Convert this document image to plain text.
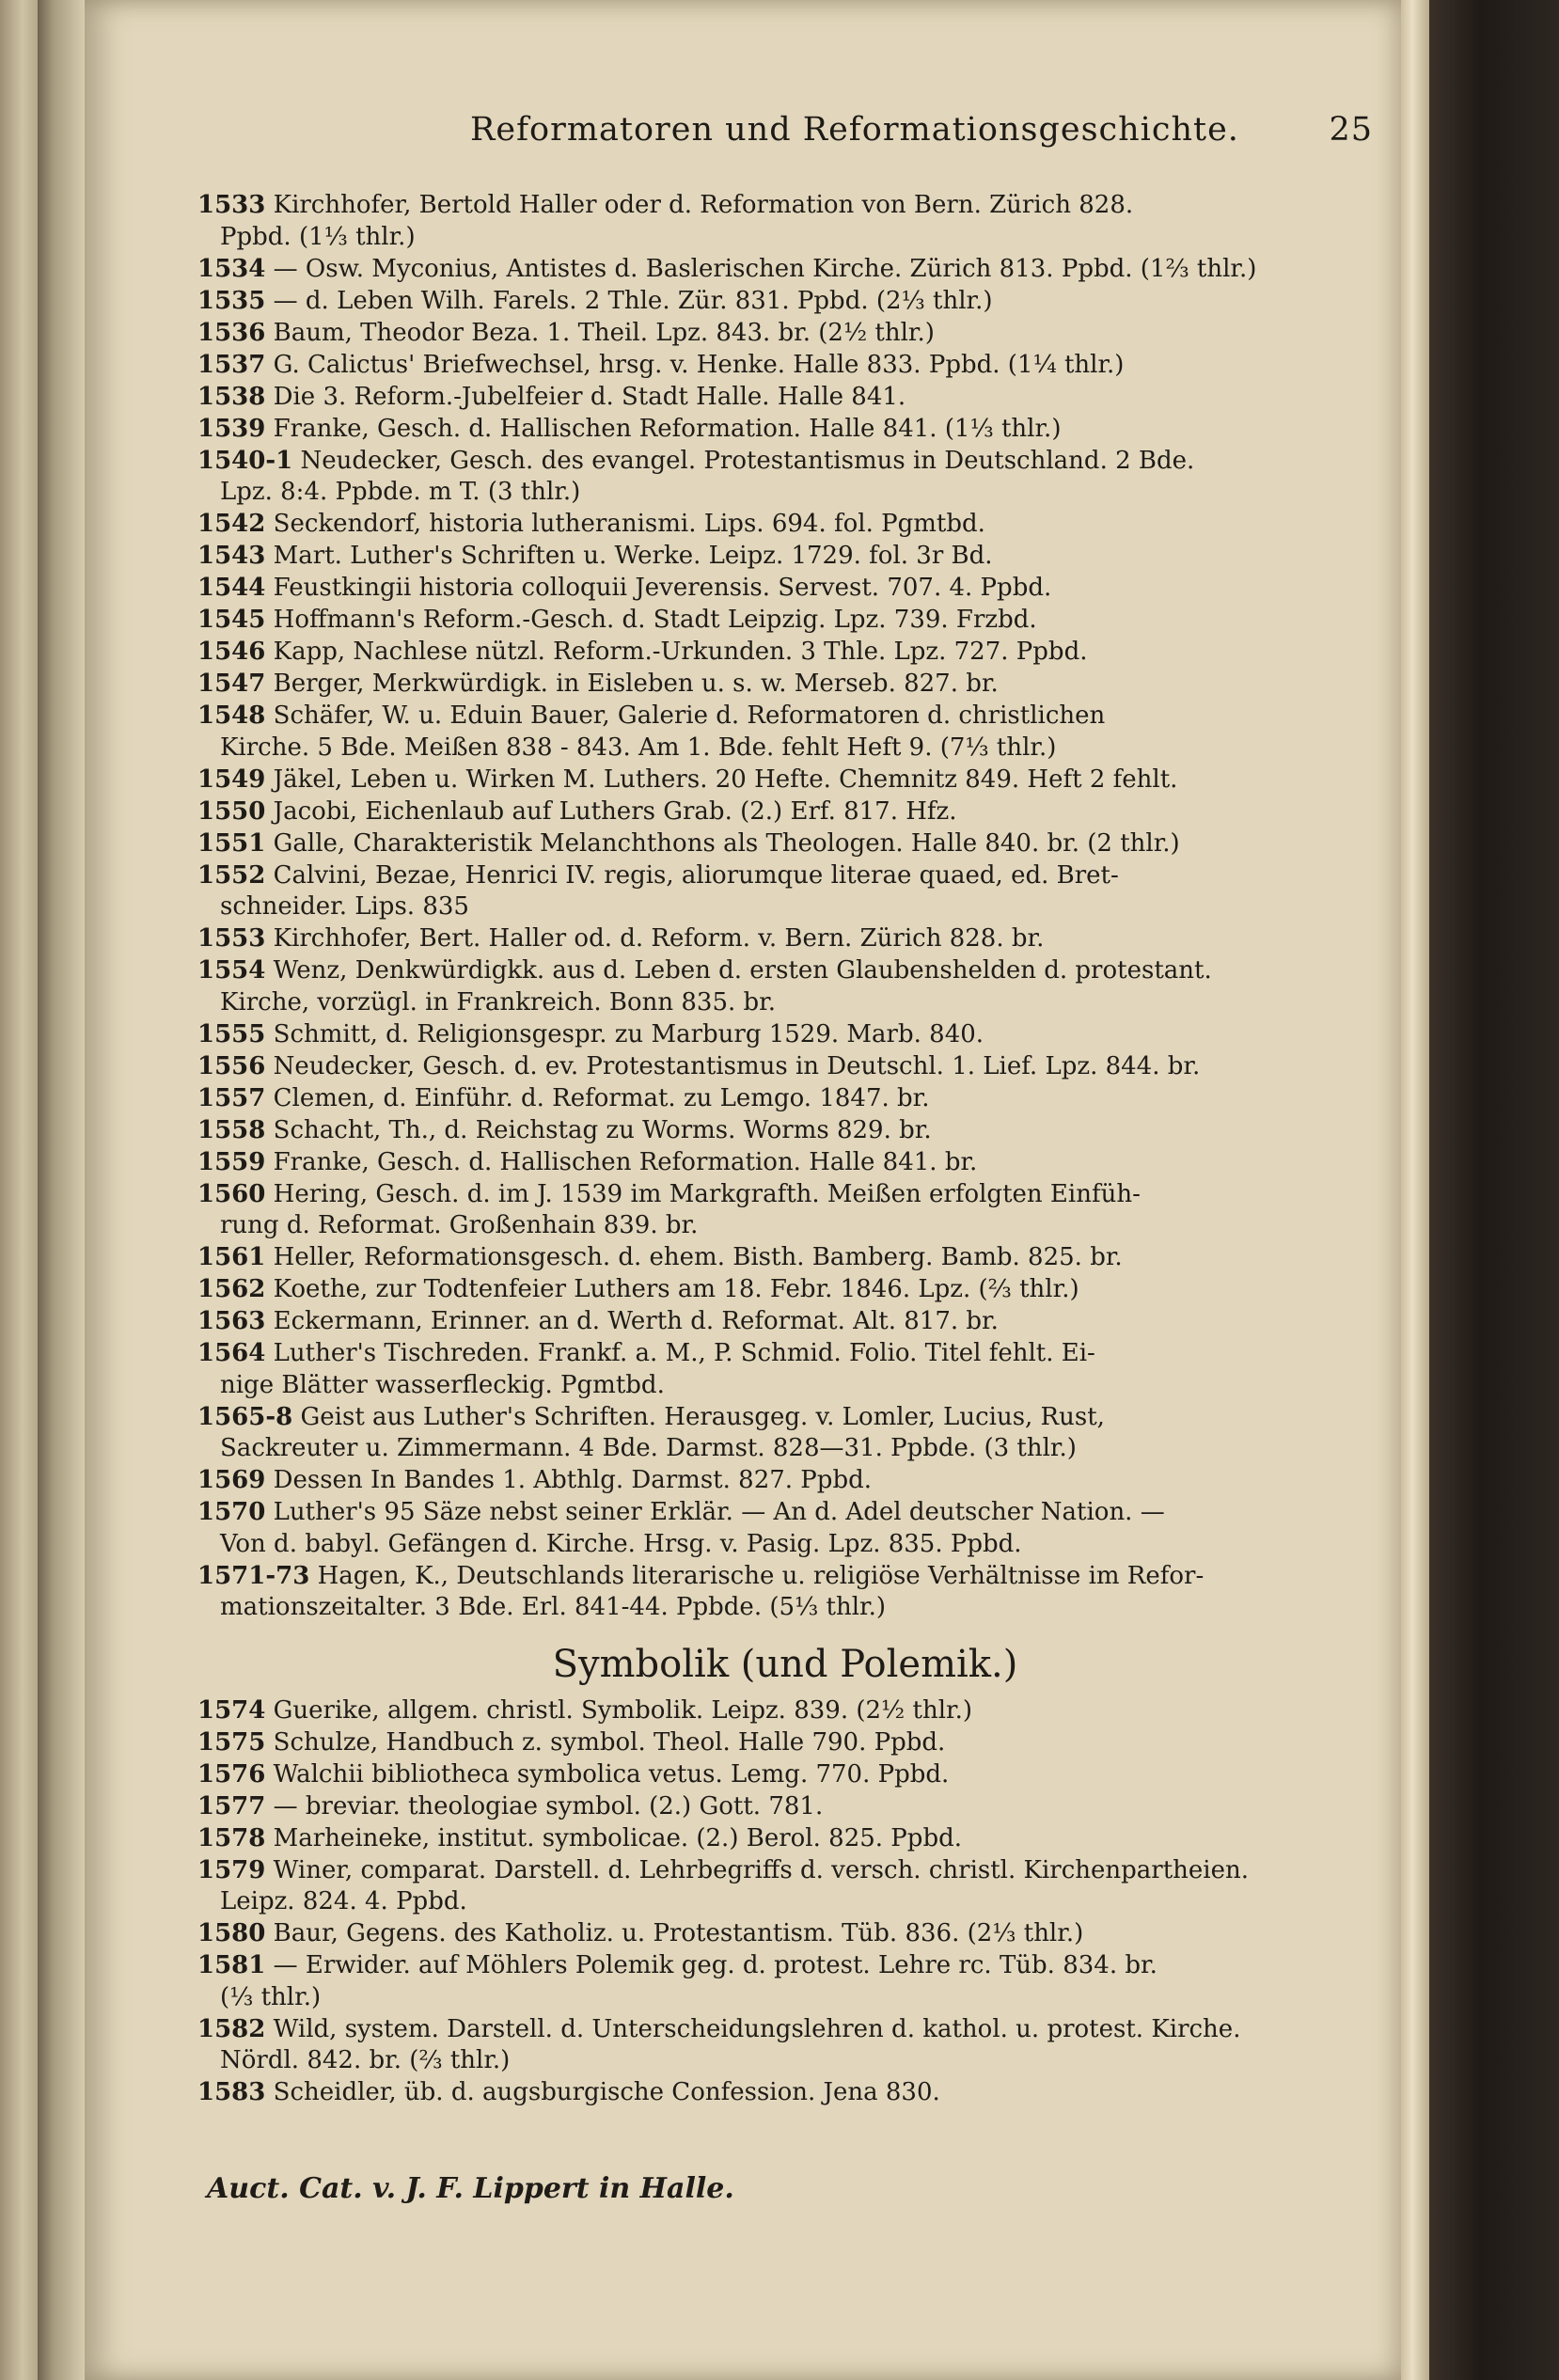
Reformatoren und Reformationsgeschichte.	25
1533 Kirchhofer, Bertold Haller oder d. Reformation von Bern. Zürich 828.
Ppbd. (1⅓ thlr.)
1534 — Osw. Myconius, Antistes d. Baslerischen Kirche. Zürich 813. Ppbd. (1⅔ thlr.)
1535 — d. Leben Wilh. Farels. 2 Thle. Zür. 831. Ppbd. (2⅓ thlr.)
1536 Baum, Theodor Beza. 1. Theil. Lpz. 843. br. (2½ thlr.)
1537 G. Calictus' Briefwechsel, hrsg. v. Henke. Halle 833. Ppbd. (1¼ thlr.)
1538 Die 3. Reform.-Jubelfeier d. Stadt Halle. Halle 841.
1539 Franke, Gesch. d. Hallischen Reformation. Halle 841. (1⅓ thlr.)
1540-1 Neudecker, Gesch. des evangel. Protestantismus in Deutschland. 2 Bde.
Lpz. 8:4. Ppbde. m T. (3 thlr.)
1542 Seckendorf, historia lutheranismi. Lips. 694. fol. Pgmtbd.
1543 Mart. Luther's Schriften u. Werke. Leipz. 1729. fol. 3r Bd.
1544 Feustkingii historia colloquii Jeverensis. Servest. 707. 4. Ppbd.
1545 Hoffmann's Reform.-Gesch. d. Stadt Leipzig. Lpz. 739. Frzbd.
1546 Kapp, Nachlese nützl. Reform.-Urkunden. 3 Thle. Lpz. 727. Ppbd.
1547 Berger, Merkwürdigk. in Eisleben u. s. w. Merseb. 827. br.
1548 Schäfer, W. u. Eduin Bauer, Galerie d. Reformatoren d. christlichen
Kirche. 5 Bde. Meißen 838 - 843. Am 1. Bde. fehlt Heft 9. (7⅓ thlr.)
1549 Jäkel, Leben u. Wirken M. Luthers. 20 Hefte. Chemnitz 849. Heft 2 fehlt.
1550 Jacobi, Eichenlaub auf Luthers Grab. (2.) Erf. 817. Hfz.
1551 Galle, Charakteristik Melanchthons als Theologen. Halle 840. br. (2 thlr.)
1552 Calvini, Bezae, Henrici IV. regis, aliorumque literae quaed, ed. Bret-
schneider. Lips. 835
1553 Kirchhofer, Bert. Haller od. d. Reform. v. Bern. Zürich 828. br.
1554 Wenz, Denkwürdigkk. aus d. Leben d. ersten Glaubenshelden d. protestant.
Kirche, vorzügl. in Frankreich. Bonn 835. br.
1555 Schmitt, d. Religionsgespr. zu Marburg 1529. Marb. 840.
1556 Neudecker, Gesch. d. ev. Protestantismus in Deutschl. 1. Lief. Lpz. 844. br.
1557 Clemen, d. Einführ. d. Reformat. zu Lemgo. 1847. br.
1558 Schacht, Th., d. Reichstag zu Worms. Worms 829. br.
1559 Franke, Gesch. d. Hallischen Reformation. Halle 841. br.
1560 Hering, Gesch. d. im J. 1539 im Markgrafth. Meißen erfolgten Einfüh-
rung d. Reformat. Großenhain 839. br.
1561 Heller, Reformationsgesch. d. ehem. Bisth. Bamberg. Bamb. 825. br.
1562 Koethe, zur Todtenfeier Luthers am 18. Febr. 1846. Lpz. (⅔ thlr.)
1563 Eckermann, Erinner. an d. Werth d. Reformat. Alt. 817. br.
1564 Luther's Tischreden. Frankf. a. M., P. Schmid. Folio. Titel fehlt. Ei-
nige Blätter wasserfleckig. Pgmtbd.
1565-8 Geist aus Luther's Schriften. Herausgeg. v. Lomler, Lucius, Rust,
Sackreuter u. Zimmermann. 4 Bde. Darmst. 828—31. Ppbde. (3 thlr.)
1569 Dessen In Bandes 1. Abthlg. Darmst. 827. Ppbd.
1570 Luther's 95 Säze nebst seiner Erklär. — An d. Adel deutscher Nation. —
Von d. babyl. Gefängen d. Kirche. Hrsg. v. Pasig. Lpz. 835. Ppbd.
1571-73 Hagen, K., Deutschlands literarische u. religiöse Verhältnisse im Refor-
mationszeitalter. 3 Bde. Erl. 841-44. Ppbde. (5⅓ thlr.)
Symbolik (und Polemik.)
1574 Guerike, allgem. christl. Symbolik. Leipz. 839. (2½ thlr.)
1575 Schulze, Handbuch z. symbol. Theol. Halle 790. Ppbd.
1576 Walchii bibliotheca symbolica vetus. Lemg. 770. Ppbd.
1577 — breviar. theologiae symbol. (2.) Gott. 781.
1578 Marheineke, institut. symbolicae. (2.) Berol. 825. Ppbd.
1579 Winer, comparat. Darstell. d. Lehrbegriffs d. versch. christl. Kirchenpartheien.
Leipz. 824. 4. Ppbd.
1580 Baur, Gegens. des Katholiz. u. Protestantism. Tüb. 836. (2⅓ thlr.)
1581 — Erwider. auf Möhlers Polemik geg. d. protest. Lehre rc. Tüb. 834. br.
(⅓ thlr.)
1582 Wild, system. Darstell. d. Unterscheidungslehren d. kathol. u. protest. Kirche.
Nördl. 842. br. (⅔ thlr.)
1583 Scheidler, üb. d. augsburgische Confession. Jena 830.
Auct. Cat. v. J. F. Lippert in Halle.
